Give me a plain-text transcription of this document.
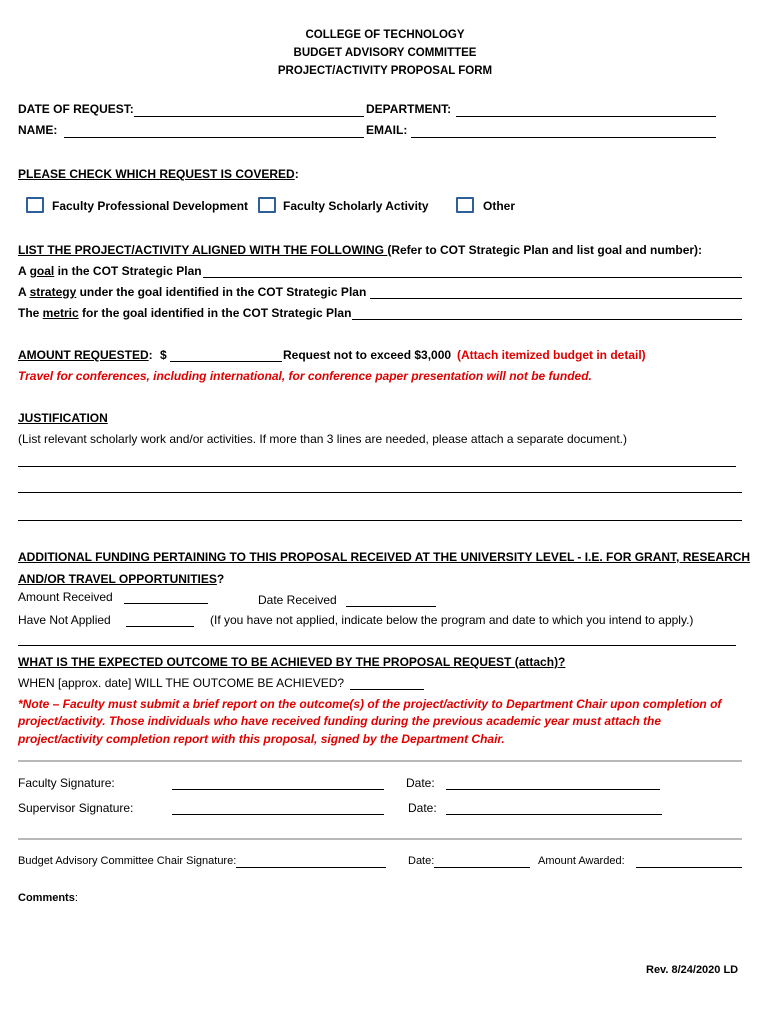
COLLEGE OF TECHNOLOGY
BUDGET ADVISORY COMMITTEE
PROJECT/ACTIVITY PROPOSAL FORM
DATE OF REQUEST:	DEPARTMENT:
NAME:	EMAIL:
PLEASE CHECK WHICH REQUEST IS COVERED:
Faculty Professional Development	Faculty Scholarly Activity	Other
LIST THE PROJECT/ACTIVITY ALIGNED WITH THE FOLLOWING (Refer to COT Strategic Plan and list goal and number):
A goal in the COT Strategic Plan
A strategy under the goal identified in the COT Strategic Plan
The metric for the goal identified in the COT Strategic Plan
AMOUNT REQUESTED: $	Request not to exceed $3,000 (Attach itemized budget in detail)
Travel for conferences, including international, for conference paper presentation will not be funded.
JUSTIFICATION
(List relevant scholarly work and/or activities. If more than 3 lines are needed, please attach a separate document.)
ADDITIONAL FUNDING PERTAINING TO THIS PROPOSAL RECEIVED AT THE UNIVERSITY LEVEL - I.E. FOR GRANT, RESEARCH
AND/OR TRAVEL OPPORTUNITIES?
Amount Received	Date Received
Have Not Applied	(If you have not applied, indicate below the program and date to which you intend to apply.)
WHAT IS THE EXPECTED OUTCOME TO BE ACHIEVED BY THE PROPOSAL REQUEST (attach)?
WHEN [approx. date] WILL THE OUTCOME BE ACHIEVED?
*Note – Faculty must submit a brief report on the outcome(s) of the project/activity to Department Chair upon completion of
project/activity. Those individuals who have received funding during the previous academic year must attach the
project/activity completion report with this proposal, signed by the Department Chair.
Faculty Signature:	Date:
Supervisor Signature:	Date:
Budget Advisory Committee Chair Signature:	Date:	Amount Awarded:
Comments:
Rev. 8/24/2020 LD
